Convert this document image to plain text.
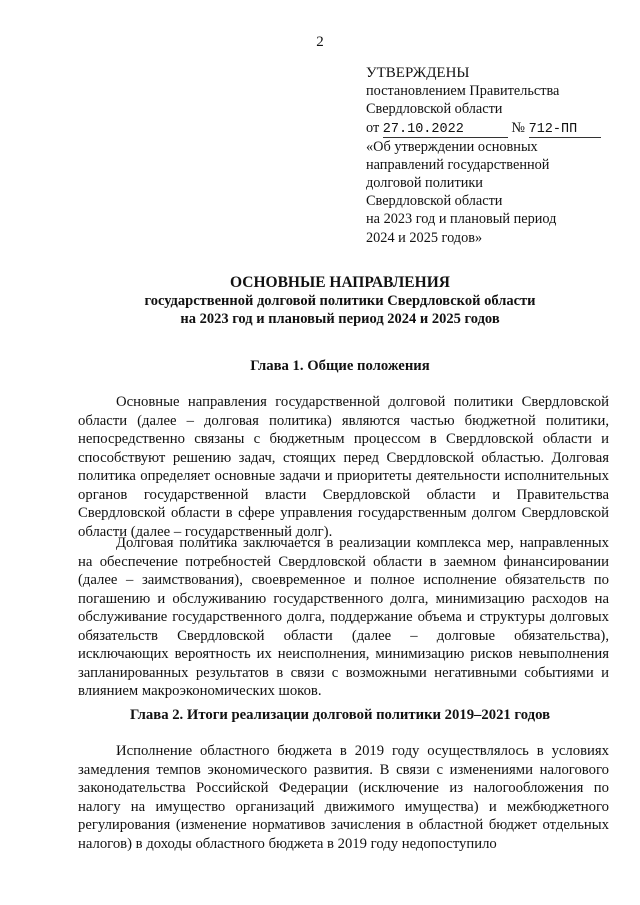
2
УТВЕРЖДЕНЫ
постановлением Правительства
Свердловской области
от 27.10.2022	№ 712-ПП
«Об утверждении основных
направлений государственной
долговой политики
Свердловской области
на 2023 год и плановый период
2024 и 2025 годов»
ОСНОВНЫЕ НАПРАВЛЕНИЯ
государственной долговой политики Свердловской области
на 2023 год и плановый период 2024 и 2025 годов
Глава 1. Общие положения

Основные направления государственной долговой политики Свердловской области (далее – долговая политика) являются частью бюджетной политики, непосредственно связаны с бюджетным процессом в Свердловской области и способствуют решению задач, стоящих перед Свердловской областью. Долговая политика определяет основные задачи и приоритеты деятельности исполнительных органов государственной власти Свердловской области и Правительства Свердловской области в сфере управления государственным долгом Свердловской области (далее – государственный долг).

Долговая политика заключается в реализации комплекса мер, направленных на обеспечение потребностей Свердловской области в заемном финансировании (далее – заимствования), своевременное и полное исполнение обязательств по погашению и обслуживанию государственного долга, минимизацию расходов на обслуживание государственного долга, поддержание объема и структуры долговых обязательств Свердловской области (далее – долговые обязательства), исключающих вероятность их неисполнения, минимизацию рисков невыполнения запланированных результатов в связи с возможными негативными событиями и влиянием макроэкономических шоков.

Глава 2. Итоги реализации долговой политики 2019–2021 годов

Исполнение областного бюджета в 2019 году осуществлялось в условиях замедления темпов экономического развития. В связи с изменениями налогового законодательства Российской Федерации (исключение из налогообложения по налогу на имущество организаций движимого имущества) и межбюджетного регулирования (изменение нормативов зачисления в областной бюджет отдельных налогов) в доходы областного бюджета в 2019 году недопоступило
